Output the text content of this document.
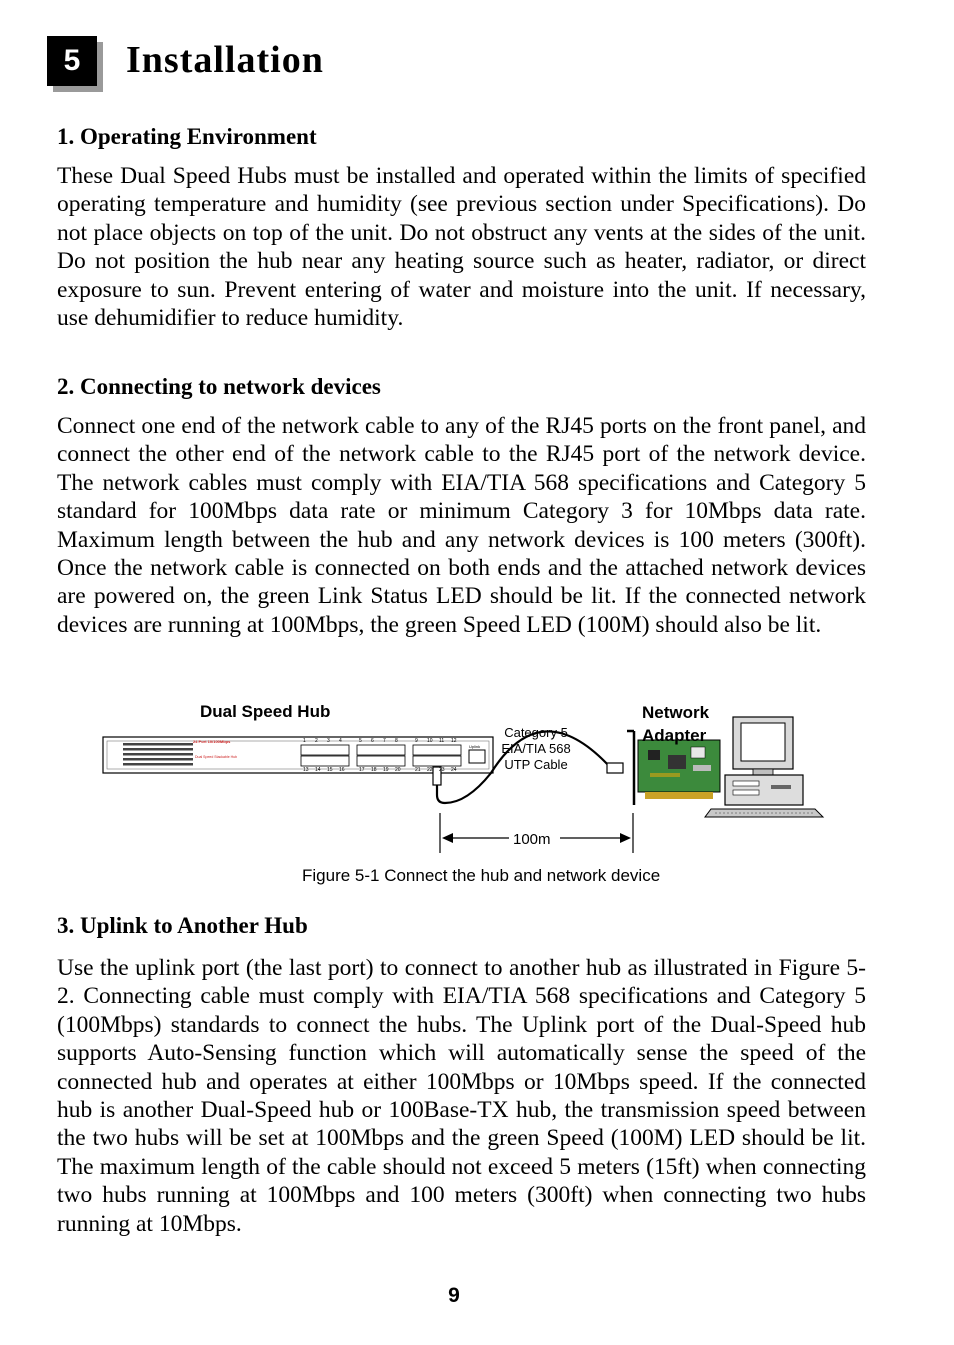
5	Installation
1. Operating Environment

These Dual Speed Hubs must be installed and operated within the limits of specified operating temperature and humidity (see previous section under Specifications). Do not place objects on top of the unit. Do not obstruct any vents at the sides of the unit. Do not position the hub near any heating source such as heater, radiator, or direct exposure to sun. Prevent entering of water and moisture into the unit. If necessary, use dehumidifier to reduce humidity.

2. Connecting to network devices

Connect one end of the network cable to any of the RJ45 ports on the front panel, and connect the other end of the network cable to the RJ45 port of the network device. The network cables must comply with EIA/TIA 568 specifications and Category 5 standard for 100Mbps data rate or minimum Category 3 for 10Mbps data rate. Maximum length between the hub and any network devices is 100 meters (300ft). Once the network cable is connected on both ends and the attached network devices are powered on, the green Link Status LED should be lit. If the connected network devices are running at 100Mbps, the green Speed LED (100M) should also be lit.

Dual Speed Hub	Network
Adapter
Category 5
EIA/TIA 568
UTP Cable
100m
24 Port 10/100Mbps
Dual Speed Stackable Hub
Uplink
1 2 3 4	5 6 7 8	9 10 11 12
13 14 15 16	17 18 19 20	21 22 23 24

Figure 5-1 Connect the hub and network device

3. Uplink to Another Hub

Use the uplink port (the last port) to connect to another hub as illustrated in Figure 5-2. Connecting cable must comply with EIA/TIA 568 specifications and Category 5 (100Mbps) standards to connect the hubs. The Uplink port of the Dual-Speed hub supports Auto-Sensing function which will automatically sense the speed of the connected hub and operates at either 100Mbps or 10Mbps speed. If the connected hub is another Dual-Speed hub or 100Base-TX hub, the transmission speed between the two hubs will be set at 100Mbps and the green Speed (100M) LED should be lit. The maximum length of the cable should not exceed 5 meters (15ft) when connecting two hubs running at 100Mbps and 100 meters (300ft) when connecting two hubs running at 10Mbps.

9
